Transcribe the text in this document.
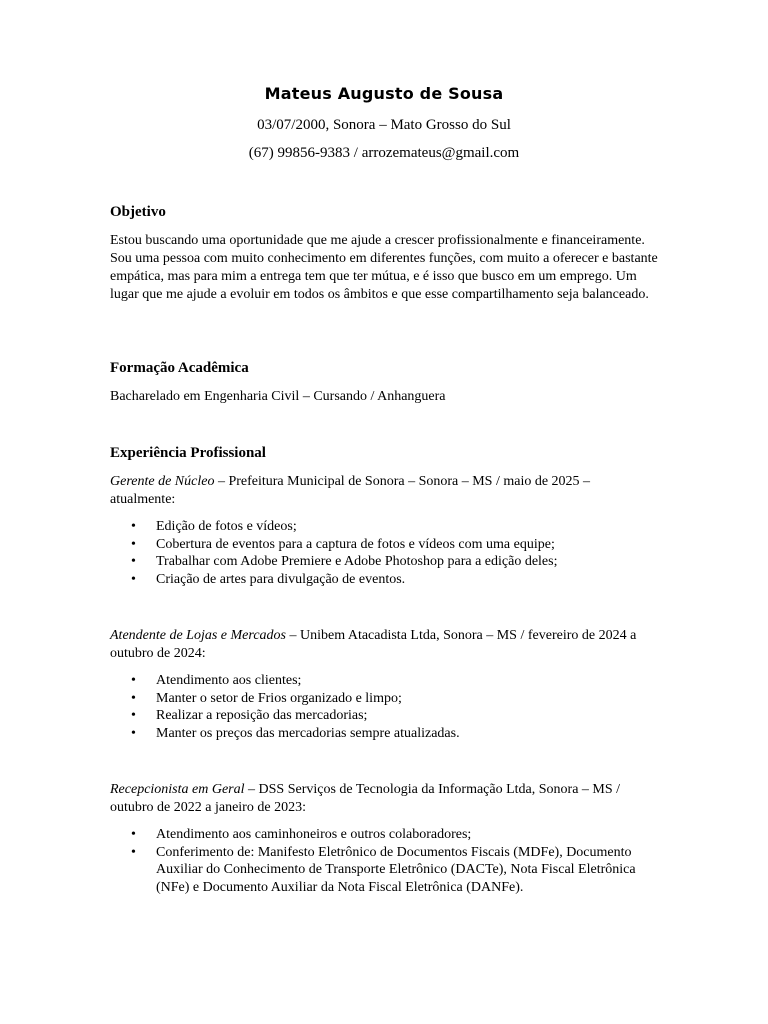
Mateus Augusto de Sousa
03/07/2000, Sonora – Mato Grosso do Sul
(67) 99856-9383 / arrozemateus@gmail.com
Objetivo
Estou buscando uma oportunidade que me ajude a crescer profissionalmente e financeiramente. Sou uma pessoa com muito conhecimento em diferentes funções, com muito a oferecer e bastante empática, mas para mim a entrega tem que ter mútua, e é isso que busco em um emprego. Um lugar que me ajude a evoluir em todos os âmbitos e que esse compartilhamento seja balanceado.
Formação Acadêmica
Bacharelado em Engenharia Civil – Cursando / Anhanguera
Experiência Profissional
Gerente de Núcleo – Prefeitura Municipal de Sonora – Sonora – MS / maio de 2025 – atualmente:
• Edição de fotos e vídeos;
• Cobertura de eventos para a captura de fotos e vídeos com uma equipe;
• Trabalhar com Adobe Premiere e Adobe Photoshop para a edição deles;
• Criação de artes para divulgação de eventos.
Atendente de Lojas e Mercados – Unibem Atacadista Ltda, Sonora – MS / fevereiro de 2024 a outubro de 2024:
• Atendimento aos clientes;
• Manter o setor de Frios organizado e limpo;
• Realizar a reposição das mercadorias;
• Manter os preços das mercadorias sempre atualizadas.
Recepcionista em Geral – DSS Serviços de Tecnologia da Informação Ltda, Sonora – MS / outubro de 2022 a janeiro de 2023:
• Atendimento aos caminhoneiros e outros colaboradores;
• Conferimento de: Manifesto Eletrônico de Documentos Fiscais (MDFe), Documento Auxiliar do Conhecimento de Transporte Eletrônico (DACTe), Nota Fiscal Eletrônica (NFe) e Documento Auxiliar da Nota Fiscal Eletrônica (DANFe).
